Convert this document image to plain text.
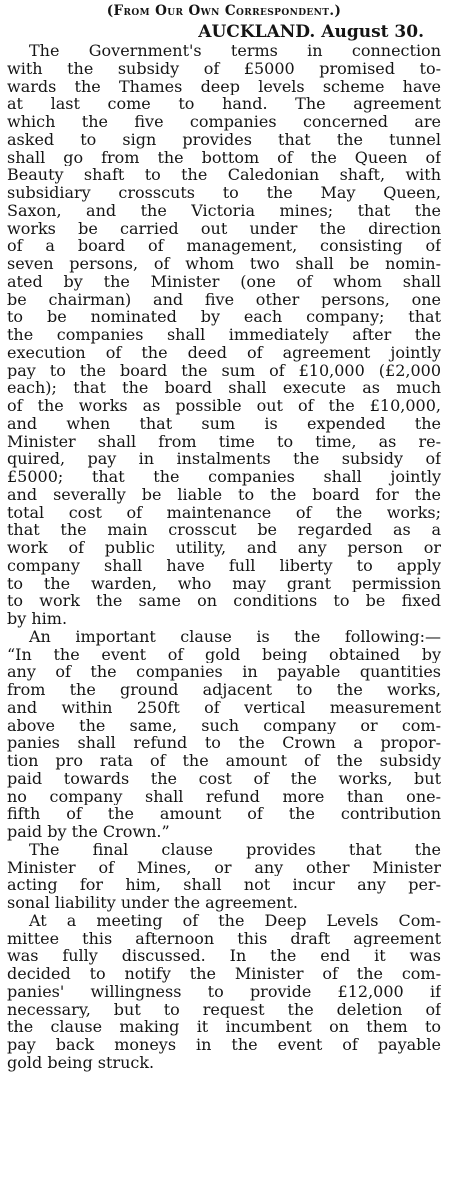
(From Our Own Correspondent.)
AUCKLAND. August 30.
The Government's terms in connection
with the subsidy of £5000 promised to-
wards the Thames deep levels scheme have
at last come to hand. The agreement
which the five companies concerned are
asked to sign provides that the tunnel
shall go from the bottom of the Queen of
Beauty shaft to the Caledonian shaft, with
subsidiary crosscuts to the May Queen,
Saxon, and the Victoria mines; that the
works be carried out under the direction
of a board of management, consisting of
seven persons, of whom two shall be nomin-
ated by the Minister (one of whom shall
be chairman) and five other persons, one
to be nominated by each company; that
the companies shall immediately after the
execution of the deed of agreement jointly
pay to the board the sum of £10,000 (£2,000
each); that the board shall execute as much
of the works as possible out of the £10,000,
and when that sum is expended the
Minister shall from time to time, as re-
quired, pay in instalments the subsidy of
£5000; that the companies shall jointly
and severally be liable to the board for the
total cost of maintenance of the works;
that the main crosscut be regarded as a
work of public utility, and any person or
company shall have full liberty to apply
to the warden, who may grant permission
to work the same on conditions to be fixed
by him.
An important clause is the following:—
“In the event of gold being obtained by
any of the companies in payable quantities
from the ground adjacent to the works,
and within 250ft of vertical measurement
above the same, such company or com-
panies shall refund to the Crown a propor-
tion pro rata of the amount of the subsidy
paid towards the cost of the works, but
no company shall refund more than one-
fifth of the amount of the contribution
paid by the Crown.”
The final clause provides that the
Minister of Mines, or any other Minister
acting for him, shall not incur any per-
sonal liability under the agreement.
At a meeting of the Deep Levels Com-
mittee this afternoon this draft agreement
was fully discussed. In the end it was
decided to notify the Minister of the com-
panies' willingness to provide £12,000 if
necessary, but to request the deletion of
the clause making it incumbent on them to
pay back moneys in the event of payable
gold being struck.
